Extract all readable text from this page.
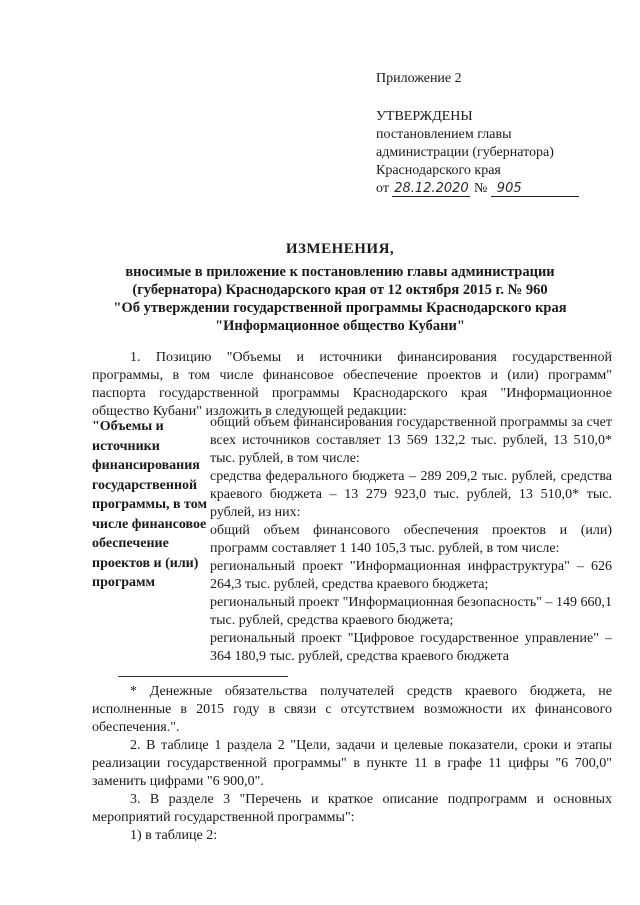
Приложение 2
УТВЕРЖДЕНЫ
постановлением главы
администрации (губернатора)
Краснодарского края
от 28.12.2020 № 905
ИЗМЕНЕНИЯ,
вносимые в приложение к постановлению главы администрации
(губернатора) Краснодарского края от 12 октября 2015 г. № 960
"Об утверждении государственной программы Краснодарского края
"Информационное общество Кубани"
1. Позицию "Объемы и источники финансирования государственной программы, в том числе финансовое обеспечение проектов и (или) программ" паспорта государственной программы Краснодарского края "Информационное общество Кубани" изложить в следующей редакции:
"Объемы и источники финансирования государственной программы, в том числе финансовое обеспечение проектов и (или) программ

общий объем финансирования государственной программы за счет всех источников составляет 13 569 132,2 тыс. рублей, 13 510,0* тыс. рублей, в том числе:

средства федерального бюджета – 289 209,2 тыс. рублей, средства краевого бюджета – 13 279 923,0 тыс. рублей, 13 510,0* тыс. рублей, из них:

общий объем финансового обеспечения проектов и (или) программ составляет 1 140 105,3 тыс. рублей, в том числе:

региональный проект "Информационная инфраструктура" – 626 264,3 тыс. рублей, средства краевого бюджета;

региональный проект "Информационная безопасность" – 149 660,1 тыс. рублей, средства краевого бюджета;

региональный проект "Цифровое государственное управление" – 364 180,9 тыс. рублей, средства краевого бюджета

* Денежные обязательства получателей средств краевого бюджета, не исполненные в 2015 году в связи с отсутствием возможности их финансового обеспечения.".

2. В таблице 1 раздела 2 "Цели, задачи и целевые показатели, сроки и этапы реализации государственной программы" в пункте 11 в графе 11 цифры "6 700,0" заменить цифрами "6 900,0".

3. В разделе 3 "Перечень и краткое описание подпрограмм и основных мероприятий государственной программы":

1) в таблице 2:
